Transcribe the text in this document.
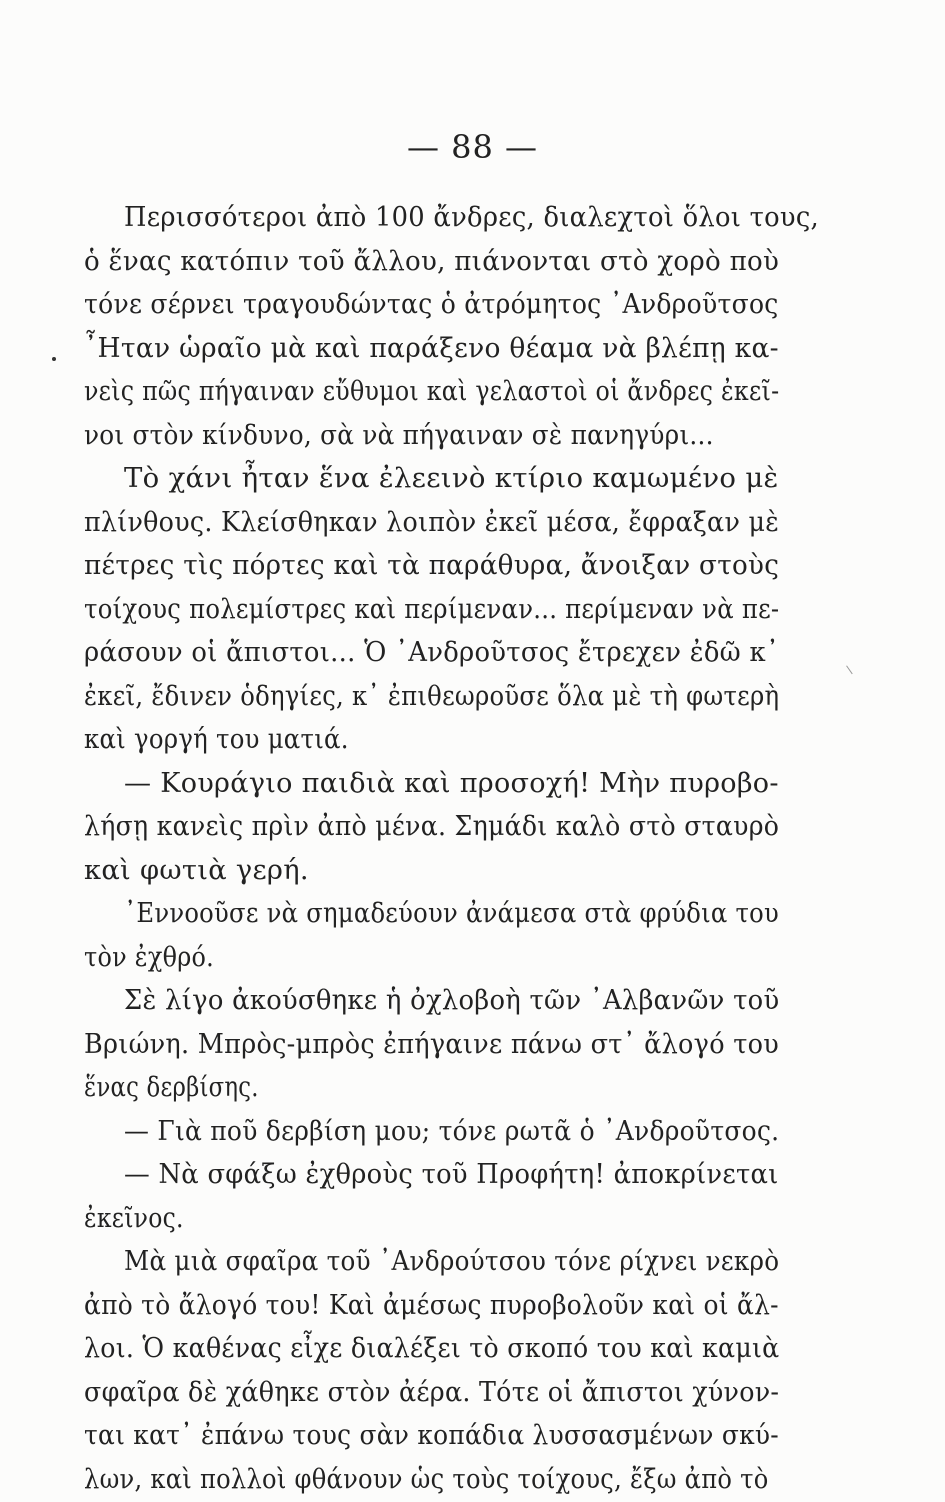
— 88 —
Περισσότεροι ἀπὸ 100 ἄνδρες, διαλεχτοὶ ὅλοι τους,
ὁ ἕνας κατόπιν τοῦ ἄλλου, πιάνονται στὸ χορὸ ποὺ
τόνε σέρνει τραγουδώντας ὁ ἀτρόμητος ᾿Ανδροῦτσος
῏Ηταν ὡραῖο μὰ καὶ παράξενο θέαμα νὰ βλέπῃ κα-
νεὶς πῶς πήγαιναν εὔθυμοι καὶ γελαστοὶ οἱ ἄνδρες ἐκεῖ-
νοι στὸν κίνδυνο, σὰ νὰ πήγαιναν σὲ πανηγύρι...
Τὸ χάνι ἦταν ἕνα ἐλεεινὸ κτίριο καμωμένο μὲ
πλίνθους. Κλείσθηκαν λοιπὸν ἐκεῖ μέσα, ἔφραξαν μὲ
πέτρες τὶς πόρτες καὶ τὰ παράθυρα, ἄνοιξαν στοὺς
τοίχους πολεμίστρες καὶ περίμεναν... περίμεναν νὰ πε-
ράσουν οἱ ἄπιστοι... Ὁ ᾿Ανδροῦτσος ἔτρεχεν ἐδῶ κ᾿
ἐκεῖ, ἔδινεν ὁδηγίες, κ᾿ ἐπιθεωροῦσε ὅλα μὲ τὴ φωτερὴ
καὶ γοργή του ματιά.
— Κουράγιο παιδιὰ καὶ προσοχή! Μὴν πυροβο-
λήσῃ κανεὶς πρὶν ἀπὸ μένα. Σημάδι καλὸ στὸ σταυρὸ
καὶ φωτιὰ γερή.
᾿Εννοοῦσε νὰ σημαδεύουν ἀνάμεσα στὰ φρύδια του
τὸν ἐχθρό.
Σὲ λίγο ἀκούσθηκε ἡ ὀχλοβοὴ τῶν ᾿Αλβανῶν τοῦ
Βριώνη. Μπρὸς-μπρὸς ἐπήγαινε πάνω στ᾿ ἄλογό του
ἕνας δερβίσης.
— Γιὰ ποῦ δερβίση μου; τόνε ρωτᾶ ὁ ᾿Ανδροῦτσος.
— Νὰ σφάξω ἐχθροὺς τοῦ Προφήτη! ἀποκρίνεται
ἐκεῖνος.
Μὰ μιὰ σφαῖρα τοῦ ᾿Ανδρούτσου τόνε ρίχνει νεκρὸ
ἀπὸ τὸ ἄλογό του! Καὶ ἀμέσως πυροβολοῦν καὶ οἱ ἄλ-
λοι. Ὁ καθένας εἶχε διαλέξει τὸ σκοπό του καὶ καμιὰ
σφαῖρα δὲ χάθηκε στὸν ἀέρα. Τότε οἱ ἄπιστοι χύνον-
ται κατ᾿ ἐπάνω τους σὰν κοπάδια λυσσασμένων σκύ-
λων, καὶ πολλοὶ φθάνουν ὡς τοὺς τοίχους, ἔξω ἀπὸ τὸ
